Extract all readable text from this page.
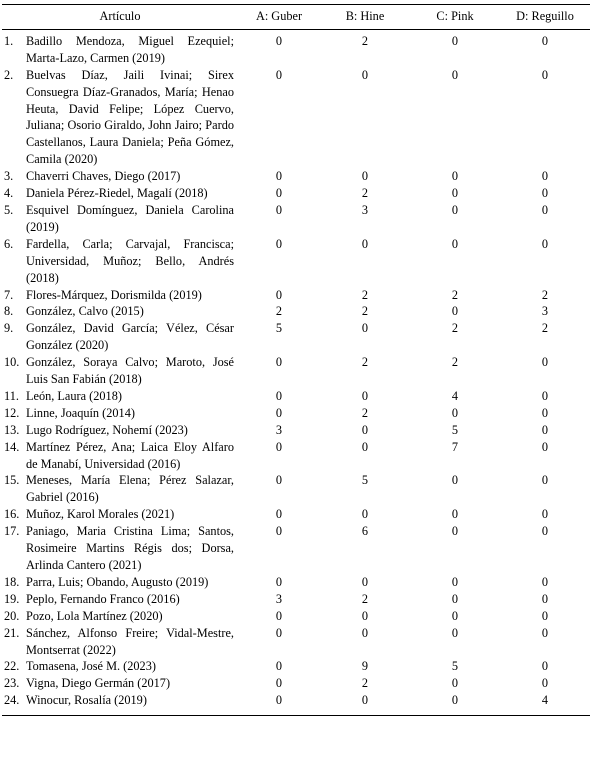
Artículo		A: Guber	B: Hine	C: Pink	D: Reguillo
1.	Badillo Mendoza, Miguel Ezequiel; Marta-Lazo, Carmen (2019)	0	2	0	0
2.	Buelvas Díaz, Jaili Ivinai; Sirex Consuegra Díaz-Granados, María; Henao Heuta, David Felipe; López Cuervo, Juliana; Osorio Giraldo, John Jairo; Pardo Castellanos, Laura Daniela; Peña Gómez, Camila (2020)	0	0	0	0
3.	Chaverri Chaves, Diego (2017)	0	0	0	0
4.	Daniela Pérez-Riedel, Magalí (2018)	0	2	0	0
5.	Esquivel Domínguez, Daniela Carolina (2019)	0	3	0	0
6.	Fardella, Carla; Carvajal, Francisca; Universidad, Muñoz; Bello, Andrés (2018)	0	0	0	0
7.	Flores-Márquez, Dorismilda (2019)	0	2	2	2
8.	González, Calvo (2015)	2	2	0	3
9.	González, David García; Vélez, César González (2020)	5	0	2	2
10.	González, Soraya Calvo; Maroto, José Luis San Fabián (2018)	0	2	2	0
11.	León, Laura (2018)	0	0	4	0
12.	Linne, Joaquín (2014)	0	2	0	0
13.	Lugo Rodríguez, Nohemí (2023)	3	0	5	0
14.	Martínez Pérez, Ana; Laica Eloy Alfaro de Manabí, Universidad (2016)	0	0	7	0
15.	Meneses, María Elena; Pérez Salazar, Gabriel (2016)	0	5	0	0
16.	Muñoz, Karol Morales (2021)	0	0	0	0
17.	Paniago, Maria Cristina Lima; Santos, Rosimeire Martins Régis dos; Dorsa, Arlinda Cantero (2021)	0	6	0	0
18.	Parra, Luis; Obando, Augusto (2019)	0	0	0	0
19.	Peplo, Fernando Franco (2016)	3	2	0	0
20.	Pozo, Lola Martínez (2020)	0	0	0	0
21.	Sánchez, Alfonso Freire; Vidal-Mestre, Montserrat (2022)	0	0	0	0
22.	Tomasena, José M. (2023)	0	9	5	0
23.	Vigna, Diego Germán (2017)	0	2	0	0
24.	Winocur, Rosalía (2019)	0	0	0	4
